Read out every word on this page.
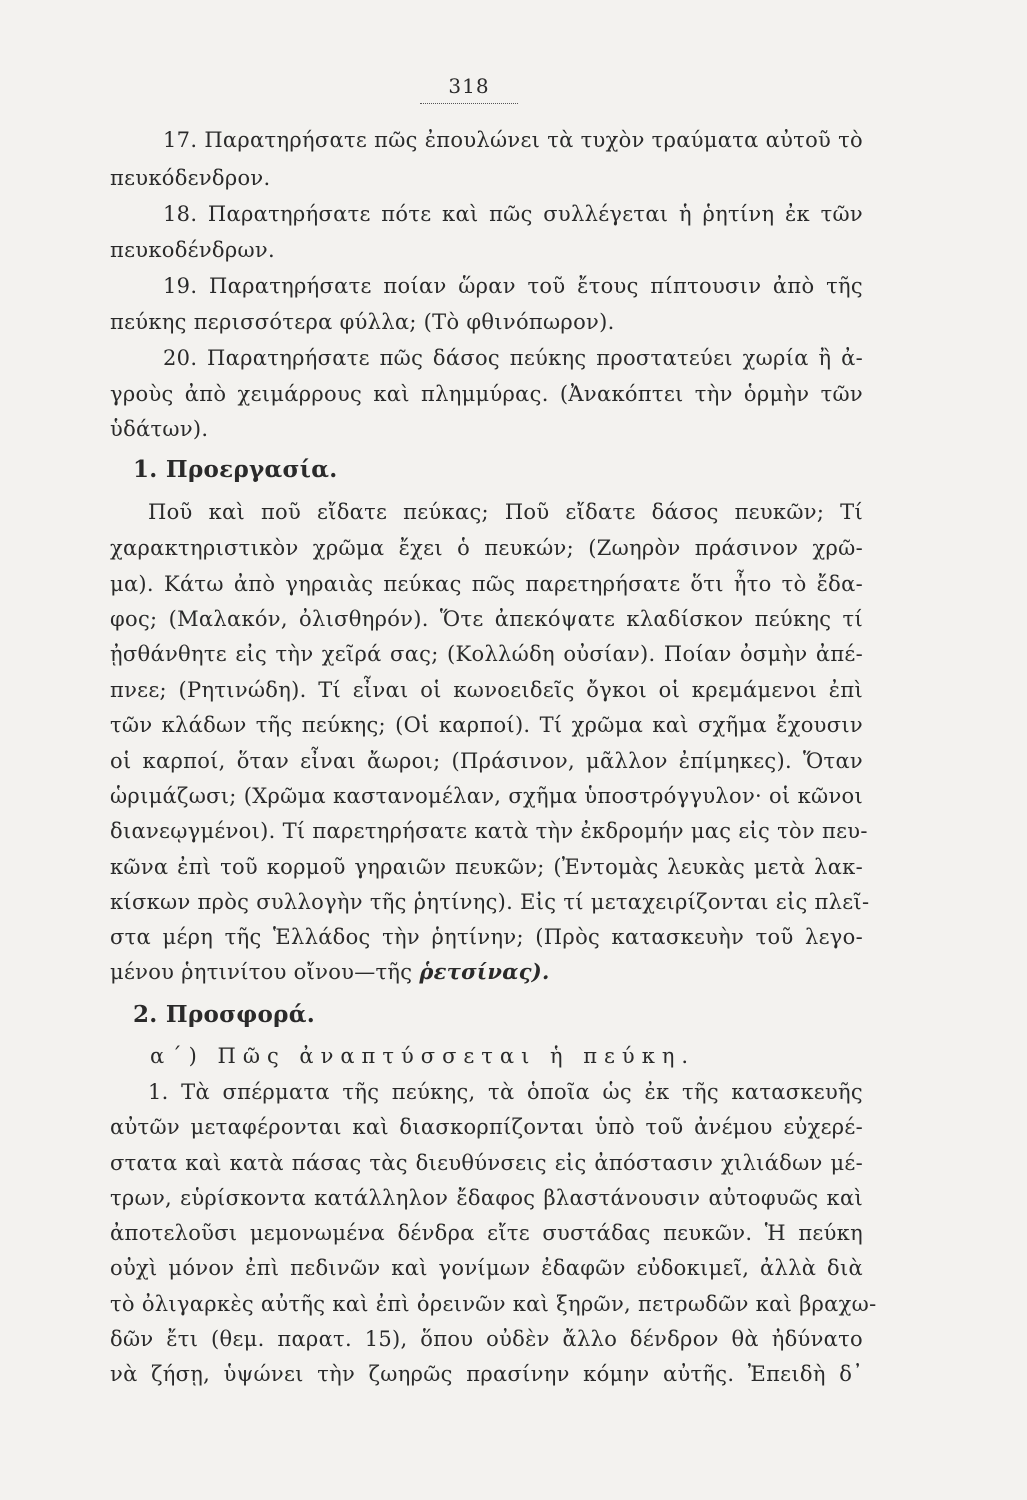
318
17. Παρατηρήσατε πῶς ἐπουλώνει τὰ τυχὸν τραύματα αὐτοῦ τὸ
πευκόδενδρον.
18. Παρατηρήσατε πότε καὶ πῶς συλλέγεται ἡ ῥητίνη ἐκ τῶν
πευκοδένδρων.
19. Παρατηρήσατε ποίαν ὥραν τοῦ ἔτους πίπτουσιν ἀπὸ τῆς
πεύκης περισσότερα φύλλα; (Τὸ φθινόπωρον).
20. Παρατηρήσατε πῶς δάσος πεύκης προστατεύει χωρία ἢ ἀ-
γροὺς ἀπὸ χειμάρρους καὶ πλημμύρας. (Ἀνακόπτει τὴν ὁρμὴν τῶν
ὑδάτων).
1. Προεργασία.
Ποῦ καὶ ποῦ εἴδατε πεύκας; Ποῦ εἴδατε δάσος πευκῶν; Τί
χαρακτηριστικὸν χρῶμα ἔχει ὁ πευκών; (Ζωηρὸν πράσινον χρῶ-
μα). Κάτω ἀπὸ γηραιὰς πεύκας πῶς παρετηρήσατε ὅτι ἦτο τὸ ἔδα-
φος; (Μαλακόν, ὀλισθηρόν). Ὅτε ἀπεκόψατε κλαδίσκον πεύκης τί
ᾐσθάνθητε εἰς τὴν χεῖρά σας; (Κολλώδη οὐσίαν). Ποίαν ὀσμὴν ἀπέ-
πνεε; (Ρητινώδη). Τί εἶναι οἱ κωνοειδεῖς ὄγκοι οἱ κρεμάμενοι ἐπὶ
τῶν κλάδων τῆς πεύκης; (Οἱ καρποί). Τί χρῶμα καὶ σχῆμα ἔχουσιν
οἱ καρποί, ὅταν εἶναι ἄωροι; (Πράσινον, μᾶλλον ἐπίμηκες). Ὅταν
ὡριμάζωσι; (Χρῶμα καστανομέλαν, σχῆμα ὑποστρόγγυλον· οἱ κῶνοι
διανεῳγμένοι). Τί παρετηρήσατε κατὰ τὴν ἐκδρομήν μας εἰς τὸν πευ-
κῶνα ἐπὶ τοῦ κορμοῦ γηραιῶν πευκῶν; (Ἐντομὰς λευκὰς μετὰ λακ-
κίσκων πρὸς συλλογὴν τῆς ῥητίνης). Εἰς τί μεταχειρίζονται εἰς πλεῖ-
στα μέρη τῆς Ἑλλάδος τὴν ῥητίνην; (Πρὸς κατασκευὴν τοῦ λεγο-
μένου ῥητινίτου οἴνου—τῆς ῥετσίνας).
2. Προσφορά.
α΄) Πῶς ἀναπτύσσεται ἡ πεύκη.
1. Τὰ σπέρματα τῆς πεύκης, τὰ ὁποῖα ὡς ἐκ τῆς κατασκευῆς
αὐτῶν μεταφέρονται καὶ διασκορπίζονται ὑπὸ τοῦ ἀνέμου εὐχερέ-
στατα καὶ κατὰ πάσας τὰς διευθύνσεις εἰς ἀπόστασιν χιλιάδων μέ-
τρων, εὑρίσκοντα κατάλληλον ἔδαφος βλαστάνουσιν αὐτοφυῶς καὶ
ἀποτελοῦσι μεμονωμένα δένδρα εἴτε συστάδας πευκῶν. Ἡ πεύκη
οὐχὶ μόνον ἐπὶ πεδινῶν καὶ γονίμων ἐδαφῶν εὐδοκιμεῖ, ἀλλὰ διὰ
τὸ ὀλιγαρκὲς αὐτῆς καὶ ἐπὶ ὀρεινῶν καὶ ξηρῶν, πετρωδῶν καὶ βραχω-
δῶν ἔτι (θεμ. παρατ. 15), ὅπου οὐδὲν ἄλλο δένδρον θὰ ἠδύνατο
νὰ ζήσῃ, ὑψώνει τὴν ζωηρῶς πρασίνην κόμην αὐτῆς. Ἐπειδὴ δ᾽
